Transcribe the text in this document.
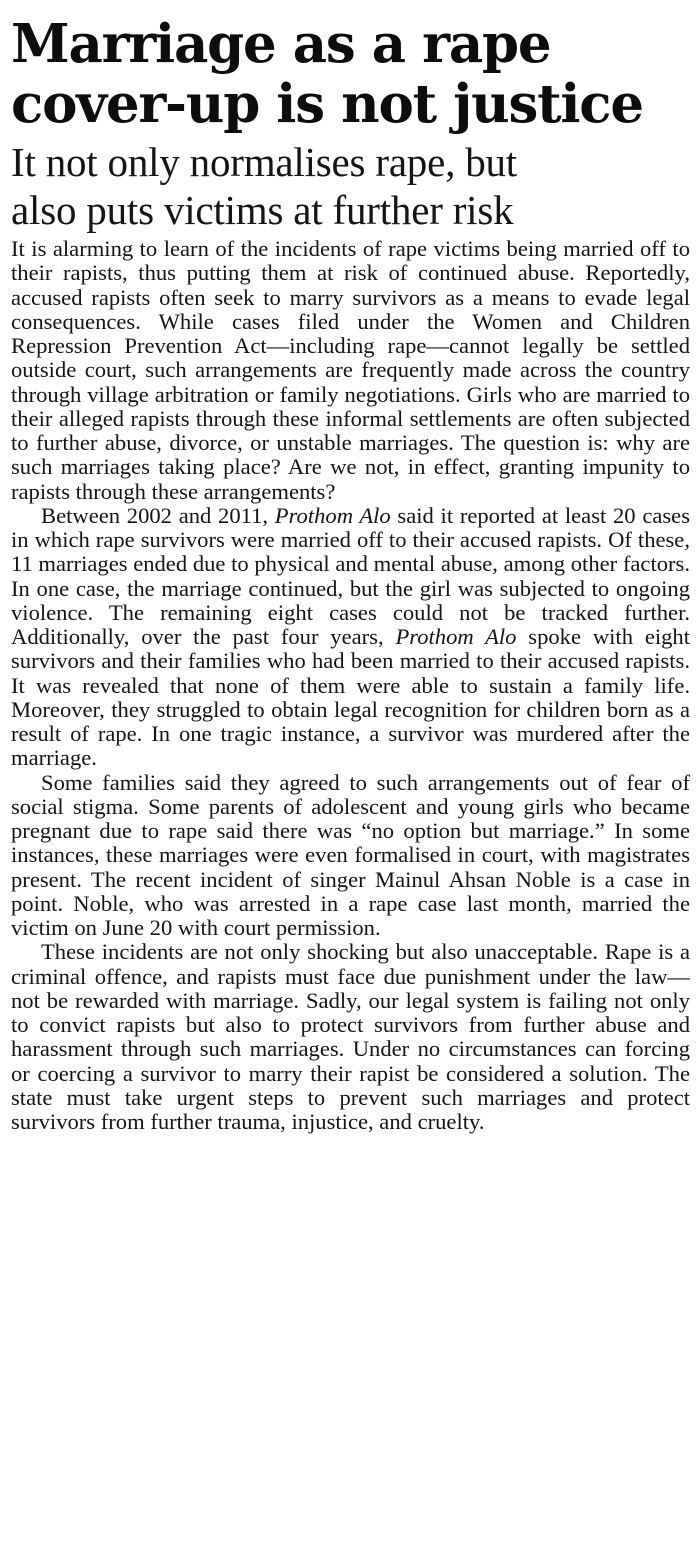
Marriage as a rape
cover-up is not justice
It not only normalises rape, but
also puts victims at further risk

It is alarming to learn of the incidents of rape victims being married off to their rapists, thus putting them at risk of continued abuse. Reportedly, accused rapists often seek to marry survivors as a means to evade legal consequences. While cases filed under the Women and Children Repression Prevention Act—including rape—cannot legally be settled outside court, such arrangements are frequently made across the country through village arbitration or family negotiations. Girls who are married to their alleged rapists through these informal settlements are often subjected to further abuse, divorce, or unstable marriages. The question is: why are such marriages taking place? Are we not, in effect, granting impunity to rapists through these arrangements?

Between 2002 and 2011, Prothom Alo said it reported at least 20 cases in which rape survivors were married off to their accused rapists. Of these, 11 marriages ended due to physical and mental abuse, among other factors. In one case, the marriage continued, but the girl was subjected to ongoing violence. The remaining eight cases could not be tracked further. Additionally, over the past four years, Prothom Alo spoke with eight survivors and their families who had been married to their accused rapists. It was revealed that none of them were able to sustain a family life. Moreover, they struggled to obtain legal recognition for children born as a result of rape. In one tragic instance, a survivor was murdered after the marriage.

Some families said they agreed to such arrangements out of fear of social stigma. Some parents of adolescent and young girls who became pregnant due to rape said there was “no option but marriage.” In some instances, these marriages were even formalised in court, with magistrates present. The recent incident of singer Mainul Ahsan Noble is a case in point. Noble, who was arrested in a rape case last month, married the victim on June 20 with court permission.

These incidents are not only shocking but also unacceptable. Rape is a criminal offence, and rapists must face due punishment under the law—not be rewarded with marriage. Sadly, our legal system is failing not only to convict rapists but also to protect survivors from further abuse and harassment through such marriages. Under no circumstances can forcing or coercing a survivor to marry their rapist be considered a solution. The state must take urgent steps to prevent such marriages and protect survivors from further trauma, injustice, and cruelty.
